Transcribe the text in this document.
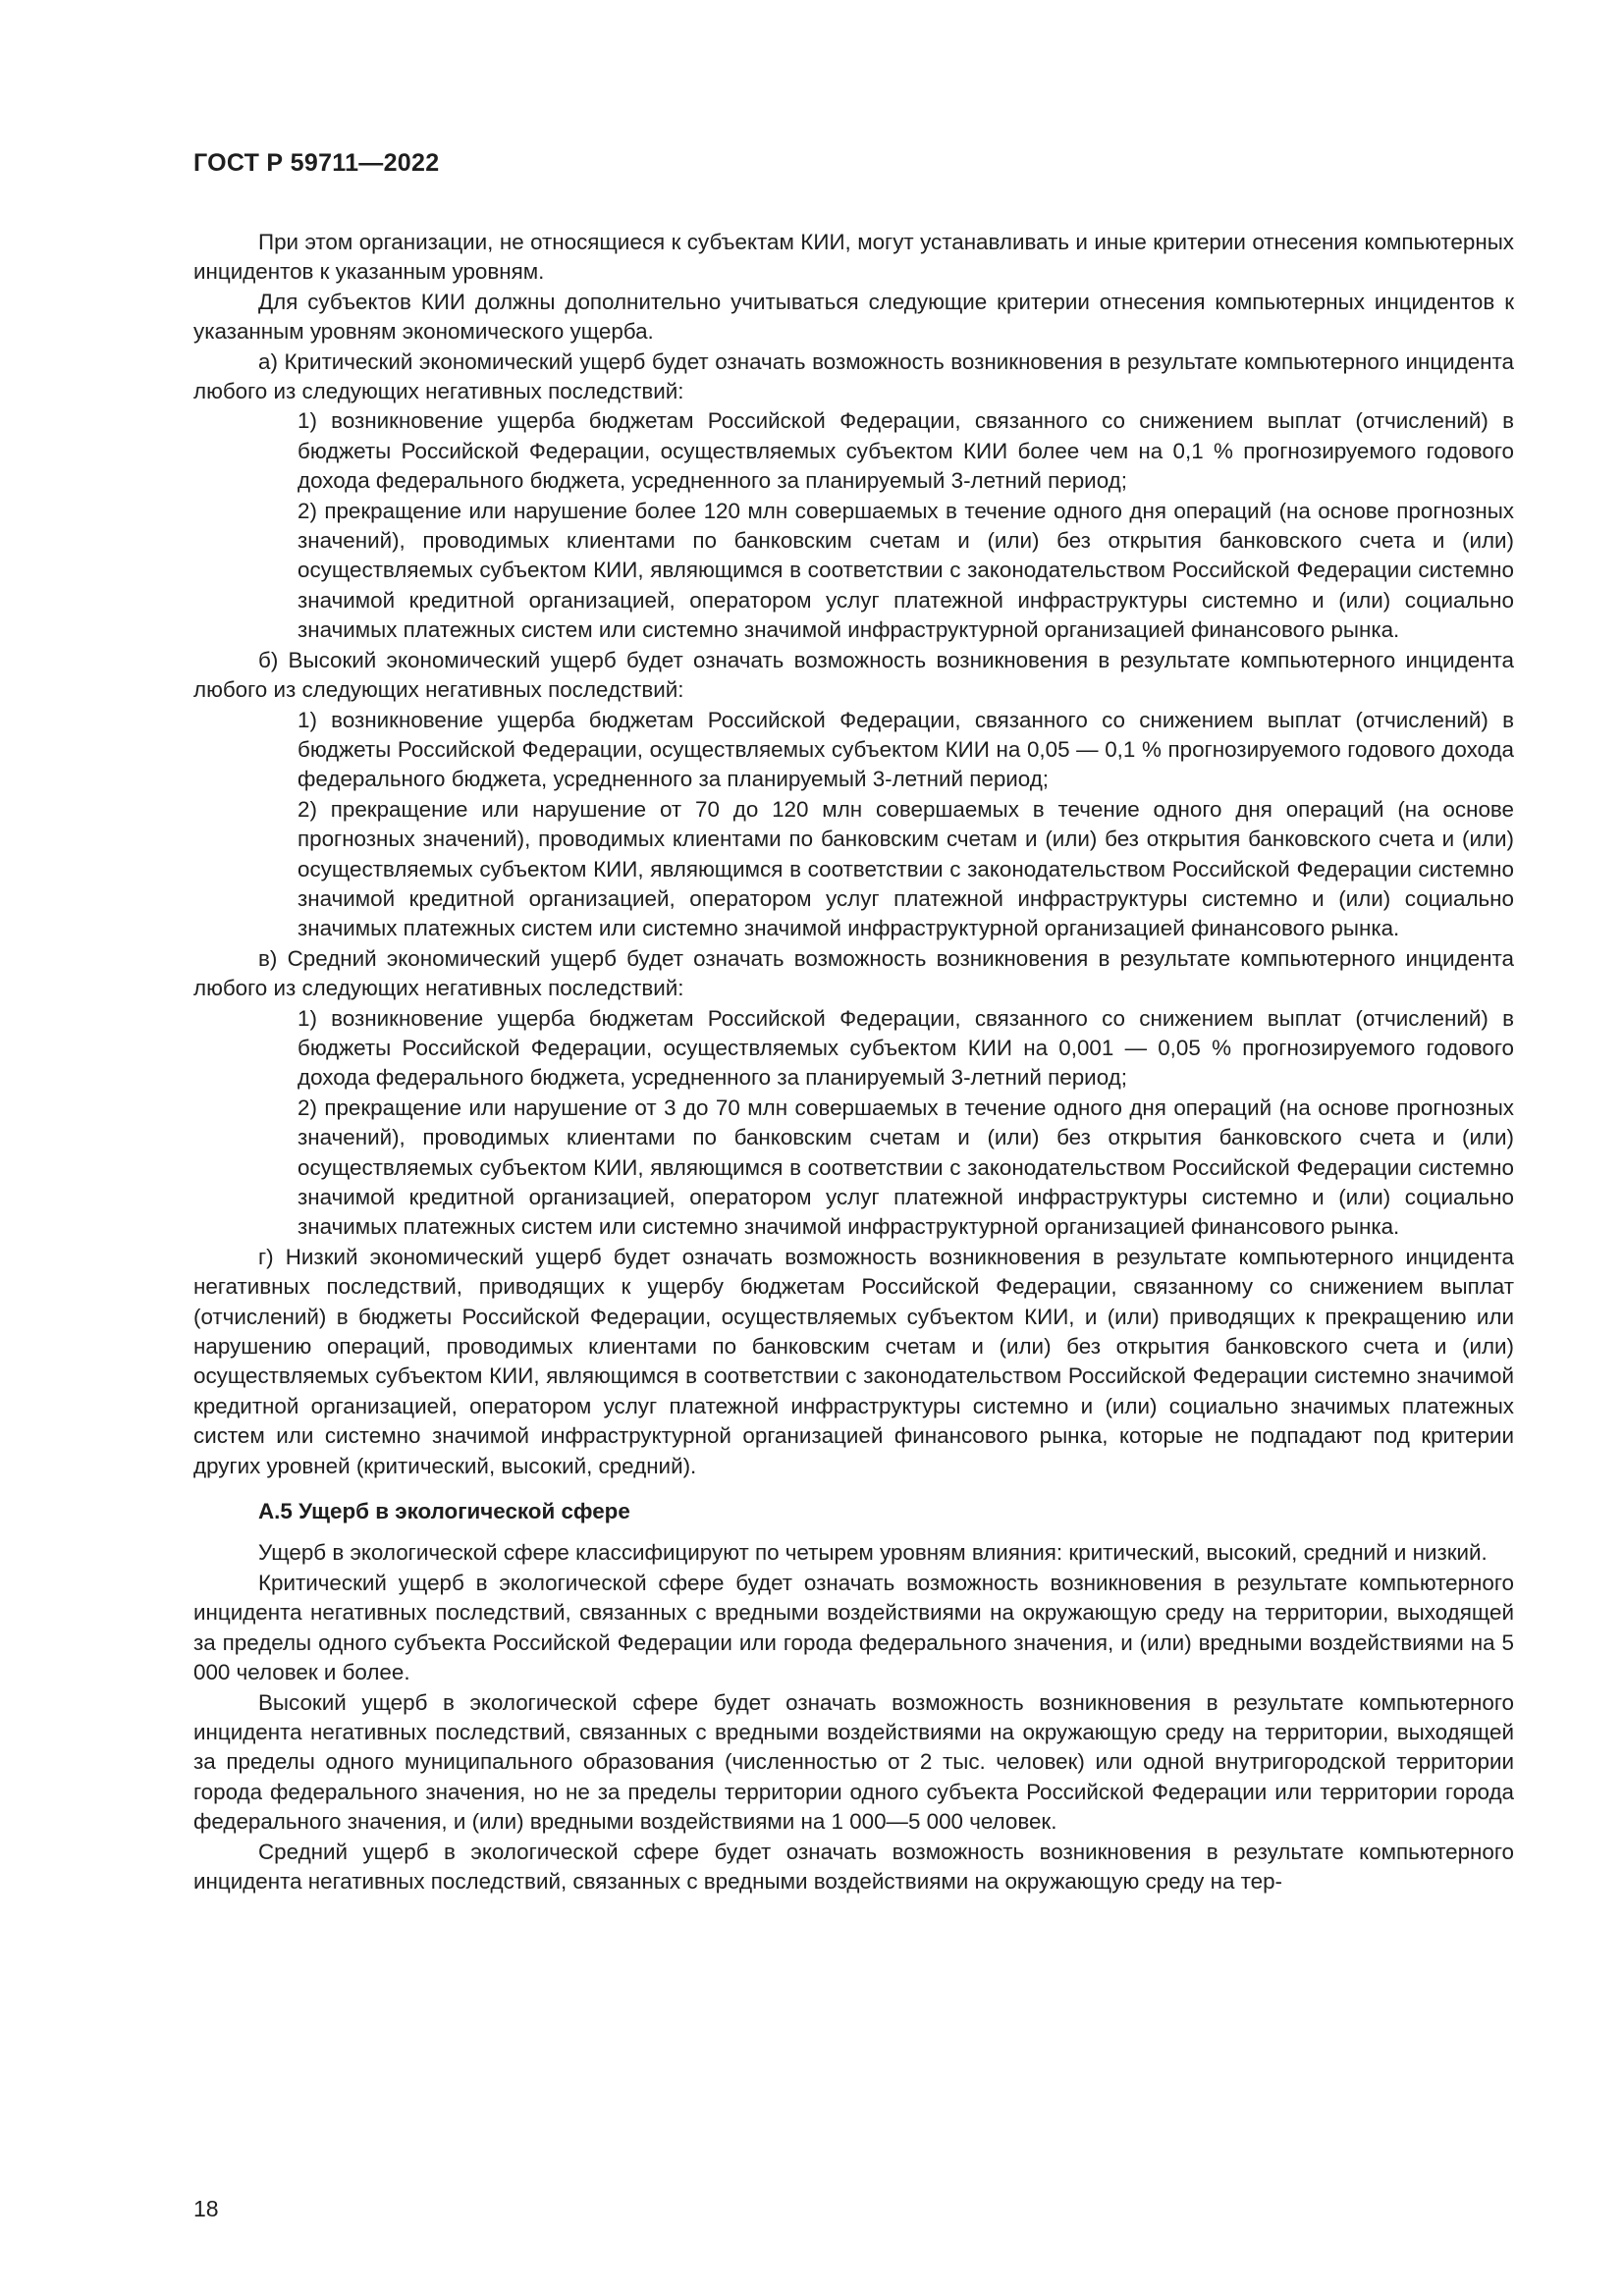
ГОСТ Р 59711—2022

При этом организации, не относящиеся к субъектам КИИ, могут устанавливать и иные критерии отнесения компьютерных инцидентов к указанным уровням.

Для субъектов КИИ должны дополнительно учитываться следующие критерии отнесения компьютерных инцидентов к указанным уровням экономического ущерба.

а) Критический экономический ущерб будет означать возможность возникновения в результате компьютерного инцидента любого из следующих негативных последствий:

1) возникновение ущерба бюджетам Российской Федерации, связанного со снижением выплат (отчислений) в бюджеты Российской Федерации, осуществляемых субъектом КИИ более чем на 0,1 % прогнозируемого годового дохода федерального бюджета, усредненного за планируемый 3-летний период;

2) прекращение или нарушение более 120 млн совершаемых в течение одного дня операций (на основе прогнозных значений), проводимых клиентами по банковским счетам и (или) без открытия банковского счета и (или) осуществляемых субъектом КИИ, являющимся в соответствии с законодательством Российской Федерации системно значимой кредитной организацией, оператором услуг платежной инфраструктуры системно и (или) социально значимых платежных систем или системно значимой инфраструктурной организацией финансового рынка.

б) Высокий экономический ущерб будет означать возможность возникновения в результате компьютерного инцидента любого из следующих негативных последствий:

1) возникновение ущерба бюджетам Российской Федерации, связанного со снижением выплат (отчислений) в бюджеты Российской Федерации, осуществляемых субъектом КИИ на 0,05 — 0,1 % прогнозируемого годового дохода федерального бюджета, усредненного за планируемый 3-летний период;

2) прекращение или нарушение от 70 до 120 млн совершаемых в течение одного дня операций (на основе прогнозных значений), проводимых клиентами по банковским счетам и (или) без открытия банковского счета и (или) осуществляемых субъектом КИИ, являющимся в соответствии с законодательством Российской Федерации системно значимой кредитной организацией, оператором услуг платежной инфраструктуры системно и (или) социально значимых платежных систем или системно значимой инфраструктурной организацией финансового рынка.

в) Средний экономический ущерб будет означать возможность возникновения в результате компьютерного инцидента любого из следующих негативных последствий:

1) возникновение ущерба бюджетам Российской Федерации, связанного со снижением выплат (отчислений) в бюджеты Российской Федерации, осуществляемых субъектом КИИ на 0,001 — 0,05 % прогнозируемого годового дохода федерального бюджета, усредненного за планируемый 3-летний период;

2) прекращение или нарушение от 3 до 70 млн совершаемых в течение одного дня операций (на основе прогнозных значений), проводимых клиентами по банковским счетам и (или) без открытия банковского счета и (или) осуществляемых субъектом КИИ, являющимся в соответствии с законодательством Российской Федерации системно значимой кредитной организацией, оператором услуг платежной инфраструктуры системно и (или) социально значимых платежных систем или системно значимой инфраструктурной организацией финансового рынка.

г) Низкий экономический ущерб будет означать возможность возникновения в результате компьютерного инцидента негативных последствий, приводящих к ущербу бюджетам Российской Федерации, связанному со снижением выплат (отчислений) в бюджеты Российской Федерации, осуществляемых субъектом КИИ, и (или) приводящих к прекращению или нарушению операций, проводимых клиентами по банковским счетам и (или) без открытия банковского счета и (или) осуществляемых субъектом КИИ, являющимся в соответствии с законодательством Российской Федерации системно значимой кредитной организацией, оператором услуг платежной инфраструктуры системно и (или) социально значимых платежных систем или системно значимой инфраструктурной организацией финансового рынка, которые не подпадают под критерии других уровней (критический, высокий, средний).

А.5 Ущерб в экологической сфере

Ущерб в экологической сфере классифицируют по четырем уровням влияния: критический, высокий, средний и низкий.

Критический ущерб в экологической сфере будет означать возможность возникновения в результате компьютерного инцидента негативных последствий, связанных с вредными воздействиями на окружающую среду на территории, выходящей за пределы одного субъекта Российской Федерации или города федерального значения, и (или) вредными воздействиями на 5 000 человек и более.

Высокий ущерб в экологической сфере будет означать возможность возникновения в результате компьютерного инцидента негативных последствий, связанных с вредными воздействиями на окружающую среду на территории, выходящей за пределы одного муниципального образования (численностью от 2 тыс. человек) или одной внутригородской территории города федерального значения, но не за пределы территории одного субъекта Российской Федерации или территории города федерального значения, и (или) вредными воздействиями на 1 000—5 000 человек.

Средний ущерб в экологической сфере будет означать возможность возникновения в результате компьютерного инцидента негативных последствий, связанных с вредными воздействиями на окружающую среду на тер-

18
